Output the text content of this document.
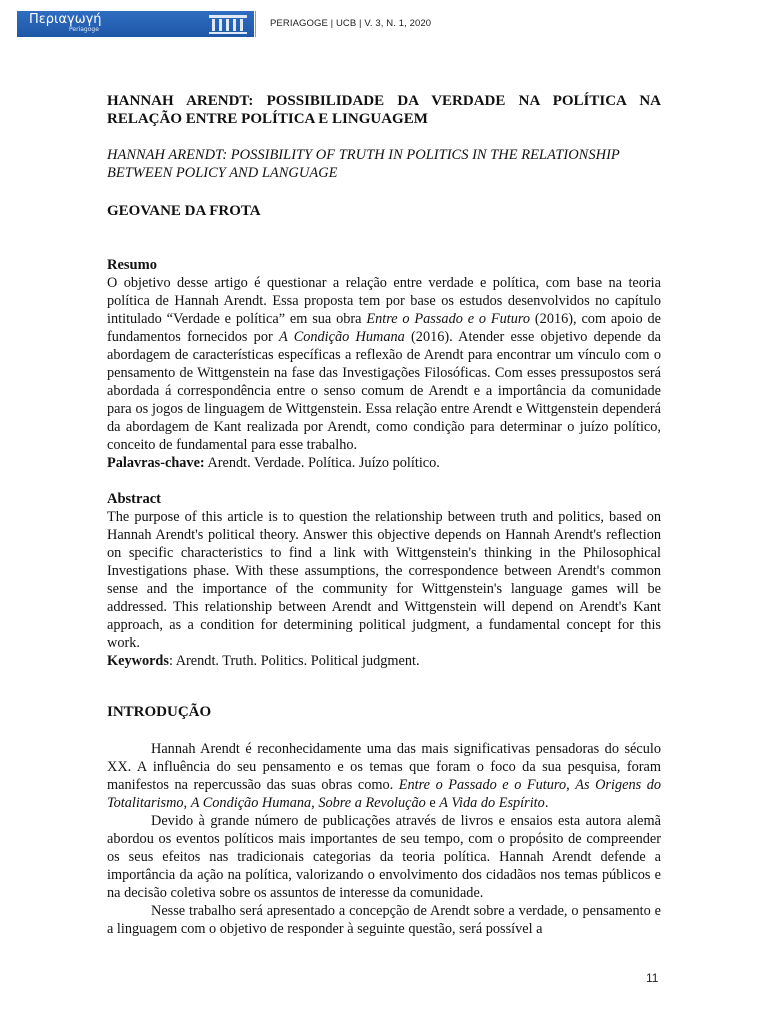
Περιαγωγή
Periagoge
PERIAGOGE | UCB | V. 3, N. 1, 2020

HANNAH ARENDT: POSSIBILIDADE DA VERDADE NA POLÍTICA NA RELAÇÃO ENTRE POLÍTICA E LINGUAGEM

HANNAH ARENDT: POSSIBILITY OF TRUTH IN POLITICS IN THE RELATIONSHIP BETWEEN POLICY AND LANGUAGE

GEOVANE DA FROTA

Resumo

O objetivo desse artigo é questionar a relação entre verdade e política, com base na teoria política de Hannah Arendt. Essa proposta tem por base os estudos desenvolvidos no capítulo intitulado “Verdade e política” em sua obra Entre o Passado e o Futuro (2016), com apoio de fundamentos fornecidos por A Condição Humana (2016). Atender esse objetivo depende da abordagem de características específicas a reflexão de Arendt para encontrar um vínculo com o pensamento de Wittgenstein na fase das Investigações Filosóficas. Com esses pressupostos será abordada á correspondência entre o senso comum de Arendt e a importância da comunidade para os jogos de linguagem de Wittgenstein. Essa relação entre Arendt e Wittgenstein dependerá da abordagem de Kant realizada por Arendt, como condição para determinar o juízo político, conceito de fundamental para esse trabalho.

Palavras-chave: Arendt. Verdade. Política. Juízo político.

Abstract

The purpose of this article is to question the relationship between truth and politics, based on Hannah Arendt's political theory. Answer this objective depends on Hannah Arendt's reflection on specific characteristics to find a link with Wittgenstein's thinking in the Philosophical Investigations phase. With these assumptions, the correspondence between Arendt's common sense and the importance of the community for Wittgenstein's language games will be addressed. This relationship between Arendt and Wittgenstein will depend on Arendt's Kant approach, as a condition for determining political judgment, a fundamental concept for this work.

Keywords: Arendt. Truth. Politics. Political judgment.

INTRODUÇÃO

Hannah Arendt é reconhecidamente uma das mais significativas pensadoras do século XX. A influência do seu pensamento e os temas que foram o foco da sua pesquisa, foram manifestos na repercussão das suas obras como. Entre o Passado e o Futuro, As Origens do Totalitarismo, A Condição Humana, Sobre a Revolução e A Vida do Espírito.

Devido à grande número de publicações através de livros e ensaios esta autora alemã abordou os eventos políticos mais importantes de seu tempo, com o propósito de compreender os seus efeitos nas tradicionais categorias da teoria política. Hannah Arendt defende a importância da ação na política, valorizando o envolvimento dos cidadãos nos temas públicos e na decisão coletiva sobre os assuntos de interesse da comunidade.

Nesse trabalho será apresentado a concepção de Arendt sobre a verdade, o pensamento e a linguagem com o objetivo de responder à seguinte questão, será possível a

11
